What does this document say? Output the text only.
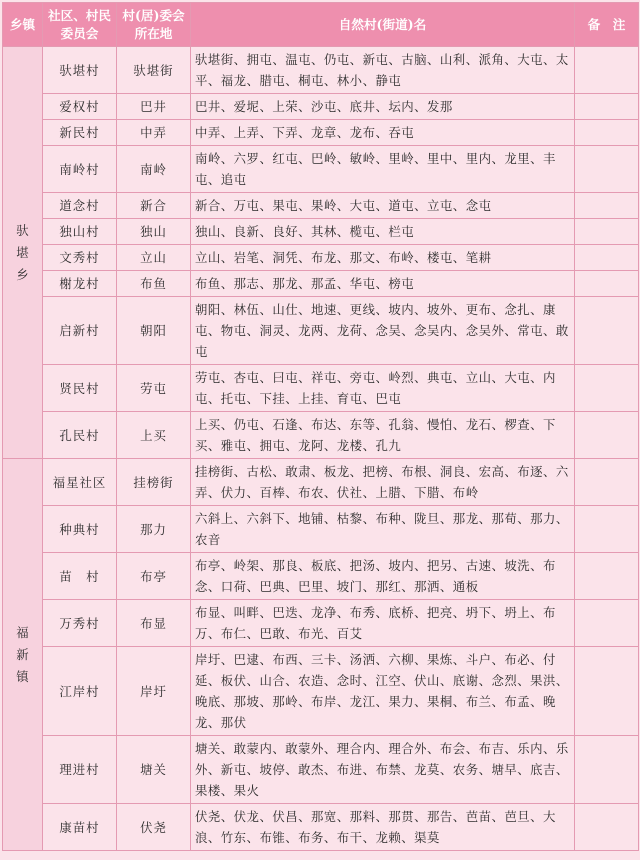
乡镇	社区、村民委员会	村(居)委会所在地	自然村(街道)名	备　注

驮堪乡	驮堪村	驮堪街	驮堪街、拥屯、温屯、仍屯、新屯、古脑、山利、派角、大屯、太平、福龙、腊屯、桐屯、林小、静屯	
	爱权村	巴井	巴井、爱坭、上荣、沙屯、底井、坛内、发那	
	新民村	中弄	中弄、上弄、下弄、龙章、龙布、吞屯	
	南岭村	南岭	南岭、六罗、红屯、巴岭、敏岭、里岭、里中、里内、龙里、丰屯、追屯	
	道念村	新合	新合、万屯、果屯、果岭、大屯、道屯、立屯、念屯	
	独山村	独山	独山、良新、良好、其林、榄屯、栏屯	
	文秀村	立山	立山、岩笔、洞凭、布龙、那文、布岭、楼屯、笔耕	
	榭龙村	布鱼	布鱼、那志、那龙、那孟、华屯、榜屯	
	启新村	朝阳	朝阳、林伍、山仕、地速、更线、坡内、坡外、更布、念扎、康屯、物屯、洞灵、龙两、龙荷、念吴、念吴内、念吴外、常屯、敢屯	
	贤民村	劳屯	劳屯、杏屯、曰屯、祥屯、旁屯、岭烈、典屯、立山、大屯、内屯、托屯、下挂、上挂、育屯、巴屯	
	孔民村	上买	上买、仍屯、石逢、布达、东等、孔翁、慢怕、龙石、椤查、下买、雅屯、拥屯、龙阿、龙楼、孔九	

福新镇	福星社区	挂榜街	挂榜街、古松、敢肃、板龙、把榜、布根、洞良、宏高、布逐、六弄、伏力、百棒、布农、伏社、上腊、下腊、布岭	
	种典村	那力	六斜上、六斜下、地铺、枯黎、布种、陇旦、那龙、那荀、那力、农音	
	苗　村	布亭	布亭、岭架、那良、板底、把汤、坡内、把另、古速、坡洗、布念、口荷、巴典、巴里、坡门、那红、那洒、通板	
	万秀村	布显	布显、叫畔、巴迭、龙净、布秀、底桥、把亮、坍下、坍上、布万、布仁、巴敢、布光、百艾	
	江岸村	岸圩	岸圩、巴逮、布西、三卡、汤洒、六柳、果炼、斗户、布必、付延、板伏、山合、农造、念时、江空、伏山、底谢、念烈、果洪、晚底、那坡、那岭、布岸、龙江、果力、果桐、布兰、布孟、晚龙、那伏	
	理进村	塘关	塘关、敢蒙内、敢蒙外、理合内、理合外、布会、布吉、乐内、乐外、新屯、坡停、敢杰、布进、布禁、龙莫、农务、塘早、底吉、果楼、果火	
	康苗村	伏尧	伏尧、伏龙、伏昌、那宽、那料、那贯、那告、芭苗、芭旦、大浪、竹东、布锥、布务、布干、龙赖、渠莫	
